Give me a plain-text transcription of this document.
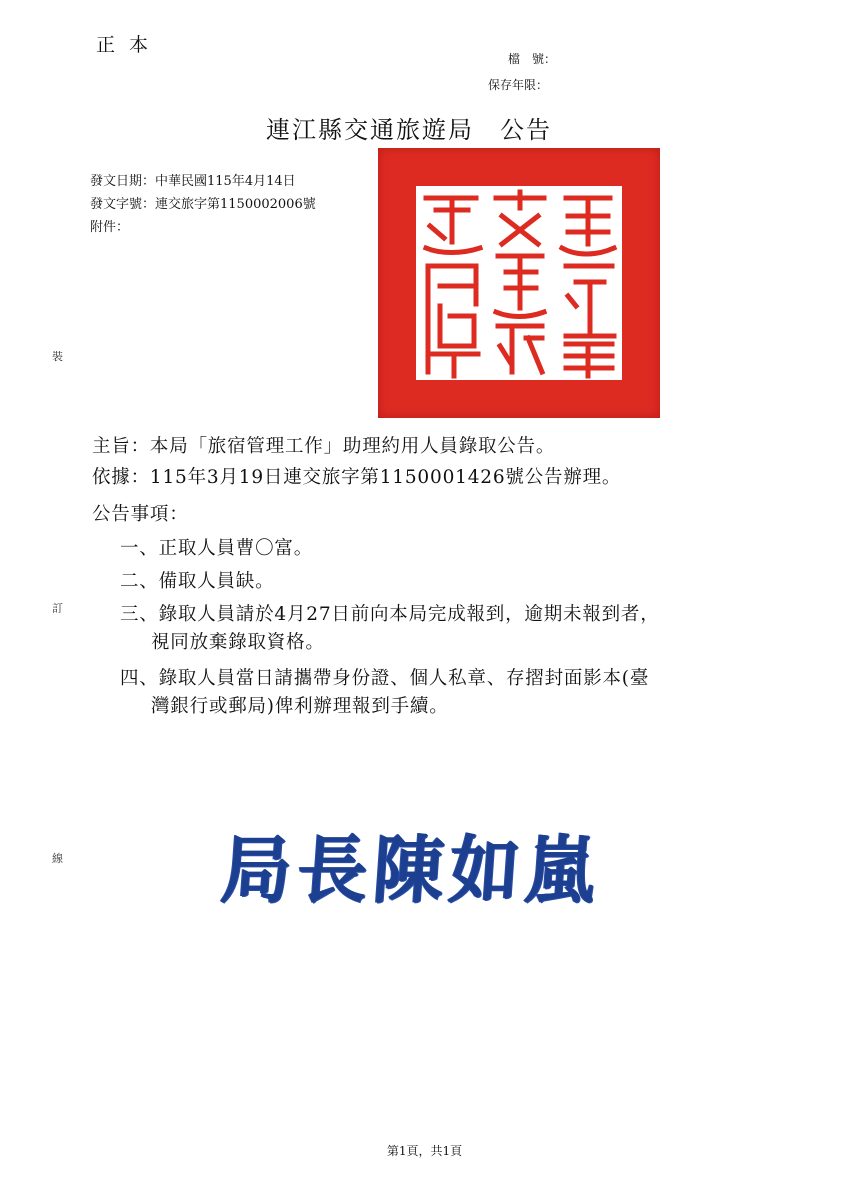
正本
檔　號：
保存年限：
連江縣交通旅遊局　公告
發文日期：中華民國115年4月14日
發文字號：連交旅字第1150002006號
附件：
裝
訂
線
主旨：本局「旅宿管理工作」助理約用人員錄取公告。
依據：115年3月19日連交旅字第1150001426號公告辦理。
公告事項：
一、正取人員曹〇富。
二、備取人員缺。
三、錄取人員請於4月27日前向本局完成報到，逾期未報到者，
視同放棄錄取資格。
四、錄取人員當日請攜帶身份證、個人私章、存摺封面影本(臺
灣銀行或郵局)俾利辦理報到手續。
局長陳如嵐
第1頁，共1頁
